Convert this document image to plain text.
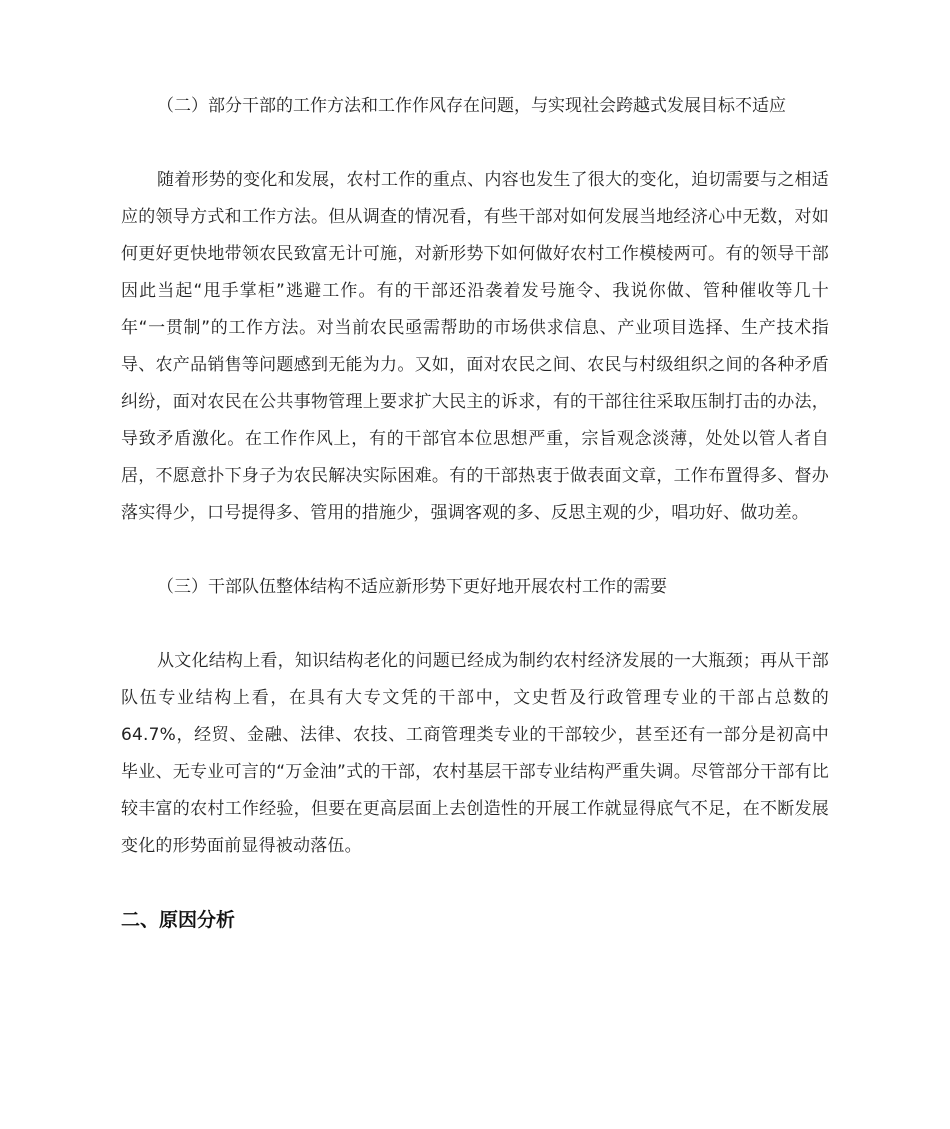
（二）部分干部的工作方法和工作作风存在问题，与实现社会跨越式发展目标不适应

随着形势的变化和发展，农村工作的重点、内容也发生了很大的变化，迫切需要与之相适应的领导方式和工作方法。但从调查的情况看，有些干部对如何发展当地经济心中无数，对如何更好更快地带领农民致富无计可施，对新形势下如何做好农村工作模棱两可。有的领导干部因此当起“甩手掌柜”逃避工作。有的干部还沿袭着发号施令、我说你做、管种催收等几十年“一贯制”的工作方法。对当前农民亟需帮助的市场供求信息、产业项目选择、生产技术指导、农产品销售等问题感到无能为力。又如，面对农民之间、农民与村级组织之间的各种矛盾纠纷，面对农民在公共事物管理上要求扩大民主的诉求，有的干部往往采取压制打击的办法，导致矛盾激化。在工作作风上，有的干部官本位思想严重，宗旨观念淡薄，处处以管人者自居，不愿意扑下身子为农民解决实际困难。有的干部热衷于做表面文章，工作布置得多、督办落实得少，口号提得多、管用的措施少，强调客观的多、反思主观的少，唱功好、做功差。

（三）干部队伍整体结构不适应新形势下更好地开展农村工作的需要

从文化结构上看，知识结构老化的问题已经成为制约农村经济发展的一大瓶颈；再从干部队伍专业结构上看，在具有大专文凭的干部中，文史哲及行政管理专业的干部占总数的 64.7%，经贸、金融、法律、农技、工商管理类专业的干部较少，甚至还有一部分是初高中毕业、无专业可言的“万金油”式的干部，农村基层干部专业结构严重失调。尽管部分干部有比较丰富的农村工作经验，但要在更高层面上去创造性的开展工作就显得底气不足，在不断发展变化的形势面前显得被动落伍。

二、原因分析
